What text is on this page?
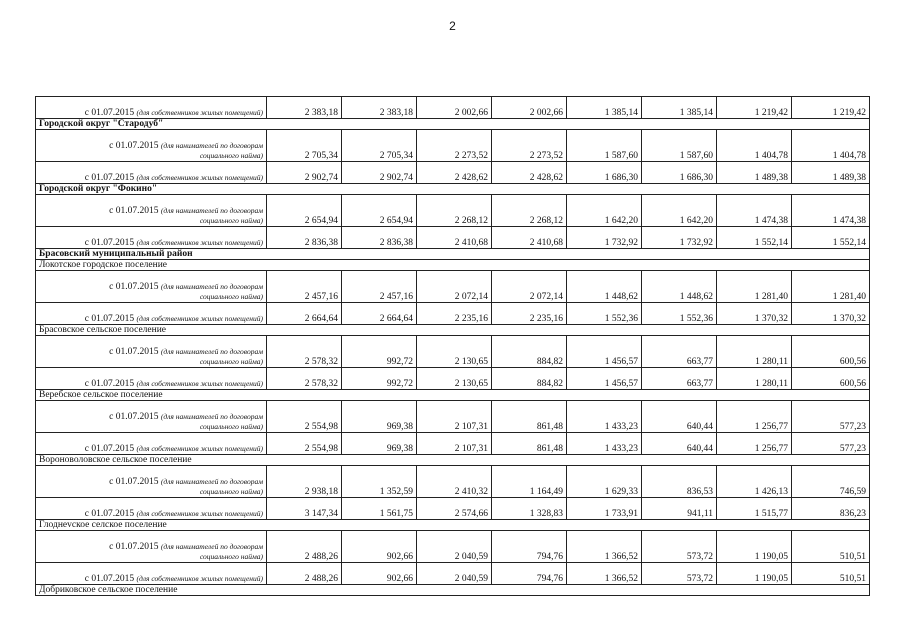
2
с 01.07.2015 (для собственников жилых помещений)	2 383,18	2 383,18	2 002,66	2 002,66	1 385,14	1 385,14	1 219,42	1 219,42
Городской округ "Стародуб"								

с 01.07.2015 (для нанимателей по договорам
социального найма)	2 705,34	2 705,34	2 273,52	2 273,52	1 587,60	1 587,60	1 404,78	1 404,78
с 01.07.2015 (для собственников жилых помещений)	2 902,74	2 902,74	2 428,62	2 428,62	1 686,30	1 686,30	1 489,38	1 489,38
Городской округ "Фокино"								

с 01.07.2015 (для нанимателей по договорам
социального найма)	2 654,94	2 654,94	2 268,12	2 268,12	1 642,20	1 642,20	1 474,38	1 474,38
с 01.07.2015 (для собственников жилых помещений)	2 836,38	2 836,38	2 410,68	2 410,68	1 732,92	1 732,92	1 552,14	1 552,14
Брасовский муниципальный район								
Локотское городское поселение								

с 01.07.2015 (для нанимателей по договорам
социального найма)	2 457,16	2 457,16	2 072,14	2 072,14	1 448,62	1 448,62	1 281,40	1 281,40
с 01.07.2015 (для собственников жилых помещений)	2 664,64	2 664,64	2 235,16	2 235,16	1 552,36	1 552,36	1 370,32	1 370,32
Брасовское сельское поселение								

с 01.07.2015 (для нанимателей по договорам
социального найма)	2 578,32	992,72	2 130,65	884,82	1 456,57	663,77	1 280,11	600,56
с 01.07.2015 (для собственников жилых помещений)	2 578,32	992,72	2 130,65	884,82	1 456,57	663,77	1 280,11	600,56
Веребское сельское поселение								

с 01.07.2015 (для нанимателей по договорам
социального найма)	2 554,98	969,38	2 107,31	861,48	1 433,23	640,44	1 256,77	577,23
с 01.07.2015 (для собственников жилых помещений)	2 554,98	969,38	2 107,31	861,48	1 433,23	640,44	1 256,77	577,23
Вороноволовское сельское поселение								

с 01.07.2015 (для нанимателей по договорам
социального найма)	2 938,18	1 352,59	2 410,32	1 164,49	1 629,33	836,53	1 426,13	746,59
с 01.07.2015 (для собственников жилых помещений)	3 147,34	1 561,75	2 574,66	1 328,83	1 733,91	941,11	1 515,77	836,23
Глоднevское селское поселение								

с 01.07.2015 (для нанимателей по договорам
социального найма)	2 488,26	902,66	2 040,59	794,76	1 366,52	573,72	1 190,05	510,51
с 01.07.2015 (для собственников жилых помещений)	2 488,26	902,66	2 040,59	794,76	1 366,52	573,72	1 190,05	510,51
Добриковское сельское поселение								
